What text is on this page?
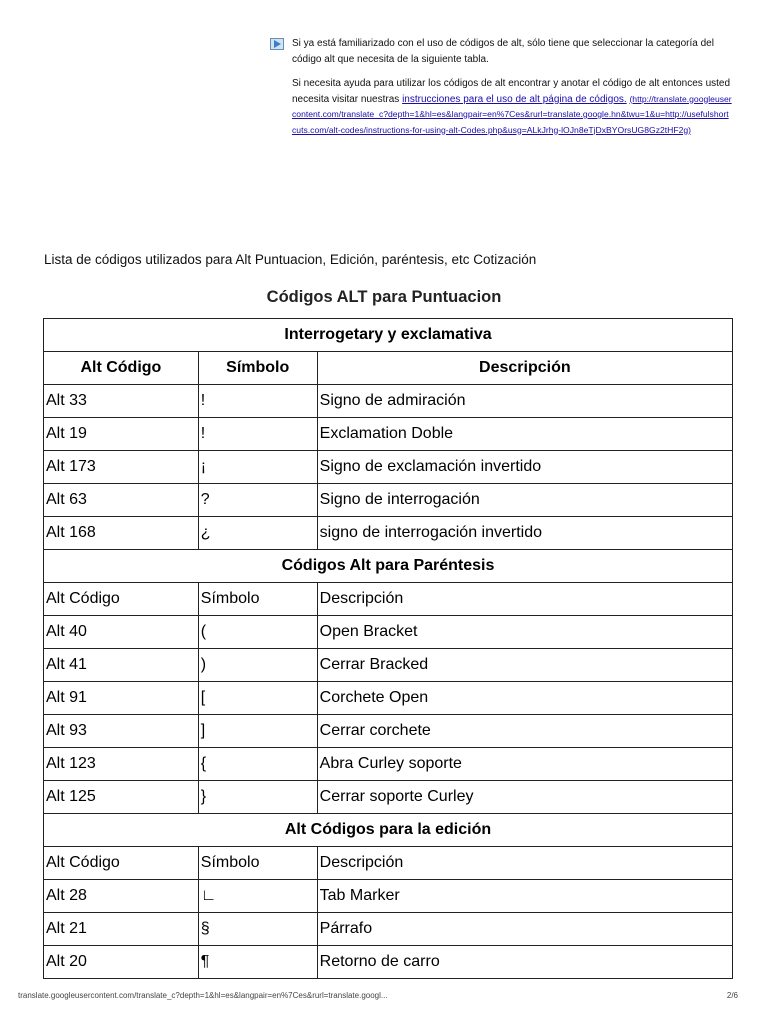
Si ya está familiarizado con el uso de códigos de alt, sólo tiene que seleccionar la categoría del código alt que necesita de la siguiente tabla.

Si necesita ayuda para utilizar los códigos de alt encontrar y anotar el código de alt entonces usted necesita visitar nuestras instrucciones para el uso de alt página de códigos. (http://translate.googleusercontent.com/translate_c?depth=1&hl=es&langpair=en%7Ces&rurl=translate.google.hn&twu=1&u=http://usefulshortcuts.com/alt-codes/instructions-for-using-alt-Codes.php&usg=ALkJrhg-lOJn8eTjDxBYOrsUG8Gz2tHF2g)

Lista de códigos utilizados para Alt Puntuacion, Edición, paréntesis, etc Cotización
Códigos ALT para Puntuacion
Interrogetary y exclamativa		
Alt Código	Símbolo	Descripción
Alt 33	!	Signo de admiración
Alt 19	!	Exclamation Doble
Alt 173	¡	Signo de exclamación invertido
Alt 63	?	Signo de interrogación
Alt 168	¿	signo de interrogación invertido
Códigos Alt para Paréntesis		
Alt Código	Símbolo	Descripción
Alt 40	(	Open Bracket
Alt 41	)	Cerrar Bracked
Alt 91	[	Corchete Open
Alt 93	]	Cerrar corchete
Alt 123	{	Abra Curley soporte
Alt 125	}	Cerrar soporte Curley
Alt Códigos para la edición		
Alt Código	Símbolo	Descripción
Alt 28	∟	Tab Marker
Alt 21	§	Párrafo
Alt 20	¶	Retorno de carro
translate.googleusercontent.com/translate_c?depth=1&hl=es&langpair=en%7Ces&rurl=translate.googl...	2/6
